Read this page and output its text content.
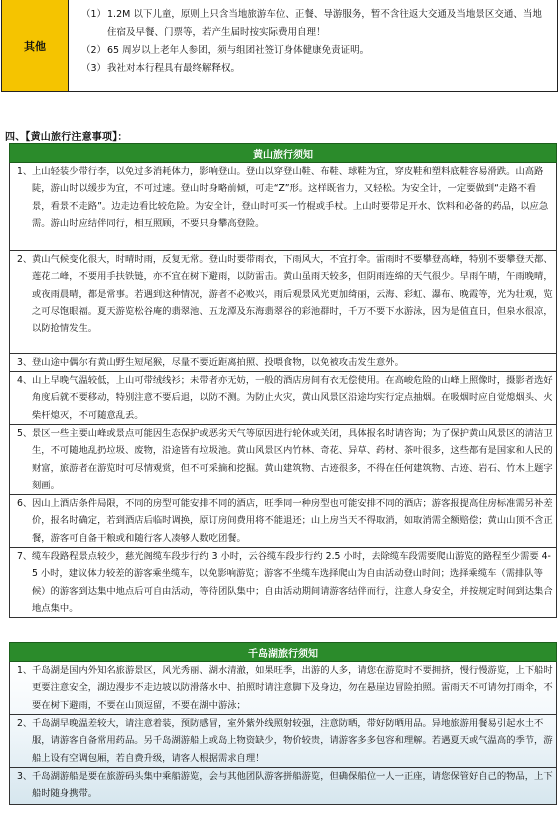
其他
（1） 1.2M 以下儿童，原则上只含当地旅游车位、正餐、导游服务，暂不含往返大交通及当地景区交通、当地住宿及早餐、门票等，若产生届时按实际费用自理！
（2） 65 周岁以上老年人参团，须与组团社签订身体健康免责证明。
（3） 我社对本行程具有最终解释权。
四、【黄山旅行注意事项】：
黄山旅行须知
1、 上山轻装少带行李，以免过多消耗体力，影响登山。登山以穿登山鞋、布鞋、球鞋为宜，穿皮鞋和塑料底鞋容易滑跌。山高路陡，游山时以缓步为宜，不可过速。登山时身略前倾，可走“Z”形。这样既省力，又轻松。为安全计，一定要做到“走路不看景，看景不走路”。边走边看比较危险。为安全计，登山时可买一竹棍或手杖。上山时要带足开水、饮料和必备的药品，以应急需。游山时应结伴同行，相互照顾，不要只身攀高登险。
2、 黄山气候变化很大，时晴时雨，反复无常。登山时要带雨衣，下雨风大，不宜打伞。雷雨时不要攀登高峰，特别不要攀登天都、莲花二峰，不要用手扶铁链，亦不宜在树下避雨，以防雷击。黄山虽雨天较多，但阴雨连绵的天气很少。早雨午晴，午雨晚晴，或夜雨晨晴，都是常事。若遇到这种情况，游者不必败兴，雨后观景风光更加绮丽，云海、彩虹、瀑布、晚霞等，光为壮观，览之可尽饱眼福。夏天游览松谷庵的翡翠池、五龙潭及东海翡翠谷的彩池群时，千万不要下水游泳，因为是值直日，但泉水很凉，以防抢情发生。
3、 登山途中偶尔有黄山野生短尾猴，尽量不要近距离拍照、投喂食物，以免被攻击发生意外。
4、 山上早晚气温较低，上山可带绒线衫；未带者亦无妨，一般的酒店房间有衣无偿使用。在高峻危险的山峰上照像时，摄影者选好角度后就不要移动，特别注意不要后退，以防不测。为防止火灾，黄山风景区沿途均实行定点抽烟。在吸烟时应自觉熄烟头、火柴杆熄灭，不可随意乱丢。
5、 景区一些主要山峰或景点可能因生态保护或恶劣天气等原因进行轮休或关闭，具体报名时请咨询；为了保护黄山风景区的清洁卫生，不可随地乱扔垃圾、废物，沿途皆有垃圾池。黄山风景区内竹林、奇花、异草、药材、茶叶很多，这些都有是国家和人民的财富，旅游者在游览时可尽情观赏，但不可采摘和挖掘。黄山建筑物、古迹很多，不得在任何建筑物、古迹、岩石、竹木上题字刻画。
6、 因山上酒店条件局限，不同的房型可能安排不同的酒店，旺季同一种房型也可能安排不同的酒店；游客报提高住房标准需另补差价，报名时确定，若到酒店后临时调换，原订房间费用将不能退还；山上房当天不得取消，如取消需全额赔偿；黄山山顶不含正餐，游客可自备干粮或和随行客人凑够人数吃团餐。
7、 缆车段路程景点较少，慈光阁缆车段步行约 3 小时，云谷缆车段步行约 2.5 小时，去除缆车段需要爬山游览的路程至少需要 4-5 小时，建议体力较差的游客乘坐缆车，以免影响游览；游客不坐缆车选择爬山为自由活动登山时间；选择乘缆车（需排队等候）的游客到达集中地点后可自由活动，等待团队集中；自由活动期间请游客结伴而行，注意人身安全，并按规定时间到达集合地点集中。
千岛湖旅行须知
1、 千岛湖是国内外知名旅游景区，风光秀丽、湖水清澈，如果旺季，出游的人多，请您在游览时不要拥挤，慢行慢游览，上下船时更要注意安全，湖边漫步不走边坡以防滑落水中、拍照时请注意脚下及身边，勿在悬崖边冒险拍照。雷雨天不可请勿打雨伞，不要在树下避雨，不要在山顶逗留，不要在湖中游泳；
2、 千岛湖早晚温差较大，请注意着装，预防感冒，室外紫外线照射较强，注意防晒，带好防晒用品。异地旅游用餐易引起水土不服，请游客自备常用药品。另千岛湖游船上或岛上物资缺少，物价较贵，请游客多多包容和理解。若遇夏天或气温高的季节，游船上设有空调包厢，若自费升级，请客人根据需求自理！
3、 千岛湖游船是要在旅游码头集中乘船游览，会与其他团队游客拼船游览，但确保船位一人一正座，请您保管好自己的物品，上下船时随身携带。
